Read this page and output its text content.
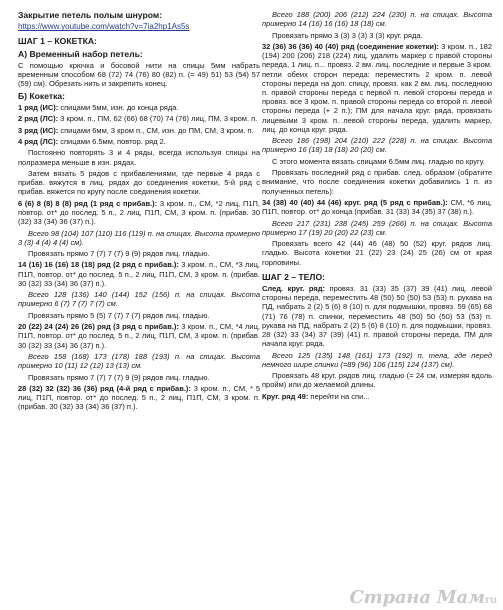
Закрытие петель полым шнуром:

https://www.youtube.com/watch?v=7ia2hp1As5s

ШАГ 1 – КОКЕТКА:

А) Временный набор петель:

С помощью крючка и босовой нити на спицы 5мм набрать временным способом 68 (72) 74 (76) 80 (82) п. (= 49) 51) 53 (54) 57 (59) см). Обрезать нить и закрепить конец.

Б) Кокетка:

1 ряд (ИС): спицами 5мм, изн. до конца ряда.

2 ряд (ЛС): 3 кром. п., ПМ, 62 (66) 68 (70) 74 (76) лиц, ПМ, 3 кром. п.

3 ряд (ИС): спицами 6мм, 3 кром п., СМ, изн. до ПМ, СМ, 3 кром. п.

4 ряд (ЛС): спицами 6.5мм, повтор. ряд 2.

Постоянно повторять 3 и 4 ряды, всегда используя спицы на полразмера меньше в изн. рядах.

Затем вязать 5 рядов с прибавлениями, где первые 4 ряда с прибав. вяжутся в лиц. рядах до соединения кокетки, 5-й ряд с прибав. вяжется по кругу после соединения кокетки.

6 (6) 8 (8) 8 (8) ряд (1 ряд с прибав.): 3 кром. п., СМ, *2 лиц, П1П, повтор. от* до послед. 5 п., 2 лиц, П1П, СМ, 3 кром. п. (прибав. 30 (32) 33 (34) 36 (37) п.).

Всего 98 (104) 107 (110) 116 (119) п. на спицах. Высота примерно 3 (3) 4 (4) 4 (4) см).

Провязать прямо 7 (7) 7 (7) 9 (9) рядов лиц. гладью.

14 (16) 16 (16) 18 (18) ряд (2 ряд с прибав.): 3 кром. п., СМ, *3 лиц, П1П, повтор. от* до послед. 5 п., 2 лиц, П1П, СМ, 3 кром. п. (прибав. 30 (32) 33 (34) 36 (37) п.).

Всего 128 (136) 140 (144) 152 (156) п. на спицах. Высота примерно 6 (7) 7 (7) 7 (7) см.

Провязать прямо 5 (5) 7 (7) 7 (7) рядов лиц. гладью.

20 (22) 24 (24) 26 (26) ряд (3 ряд с прибав.): 3 кром. п., СМ, *4 лиц, П1П, повтор. от* до послед. 5 п., 2 лиц, П1П, СМ, 3 кром. п. (прибав. 30 (32) 33 (34) 36 (37) п.).

Всего 158 (168) 173 (178) 188 (193) п. на спицах. Высота примерно 10 (11) 12 (12) 13 (13) см.

Провязать прямо 7 (7) 7 (7) 9 (9) рядов лиц. гладью.

28 (32) 32 (32) 36 (36) ряд (4-й ряд с прибав.): 3 кром. п., СМ, * 5 лиц, П1П, повтор. от* до послед. 5 п., 2 лиц, П1П, СМ, 3 кром. п. (прибав. 30 (32) 33 (34) 36 (37) п.).

Всего 188 (200) 206 (212) 224 (230) п. на спицах. Высота примерно 14 (16) 16 (16) 18 (18) см.

Провязать прямо 3 (3) 3 (3) 3 (3) круг. ряда.

32 (36) 36 (36) 40 (40) ряд (соединение кокетки): 3 кром. п., 182 (194) 200 (206) 218 (224) лиц, удалить маркер с правой стороны переда, 1 лиц. п... провяз. 2 вм. лиц. последние и первые 3 кром. петли обеих сторон переда: переместить 2 кром. п. левой стороны переда на доп. спицу, провяз. как 2 вм. лиц. последнюю п. правой стороны переда с первой п. левой стороны переда и провяз. все 3 кром. п. правой стороны переда со второй п. левой стороны переда (+ 2 п.); ПМ для начала круг. ряда, провязать лицевыми 3 кром. п. левой стороны переда, удалить маркер, лиц. до конца круг. ряда.

Всего 186 (198) 204 (210) 222 (228) п. на спицах. Высота примерно 16 (18) 18 (18) 20 (20) см.

С этого момента вязать спицами 6.5мм лиц. гладью по кругу.

Провязать последний ряд с прибав. след. образом (обратите внимание, что после соединения кокетки добавились 1 п. из полученных петель):

34 (38) 40 (40) 44 (46) круг. ряд (5 ряд с прибав.): СМ, *6 лиц, П1П, повтор. от* до конца (прибав. 31 (33) 34 (35) 37 (38) п.).

Всего 217 (231) 238 (245) 259 (266) п. на спицах. Высота примерно 17 (19) 20 (20) 22 (23) см.

Провязать всего 42 (44) 46 (48) 50 (52) круг. рядов лиц. гладью. Высота кокетки 21 (22) 23 (24) 25 (26) см от края горловины.

ШАГ 2 – ТЕЛО:

След. круг. ряд: провяз. 31 (33) 35 (37) 39 (41) лиц. левой стороны переда, переместить 48 (50) 50 (50) 53 (53) п. рукава на ПД, набрать 2 (2) 5 (6) 8 (10) п. для подмышки, провяз. 59 (65) 68 (71) 76 (78) п. спинки, переместить 48 (50) 50 (50) 53 (53) п. рукава на ПД, набрать 2 (2) 5 (6) 8 (10) п. для подмышки, провяз. 28 (32) 33 (34) 37 (39) (41) п. правой стороны переда, ПМ для начала круг. ряда.

Всего 125 (135) 148 (161) 173 (192) п. тела, где перед немного шире спинки (=89 (96) 106 (115) 124 (137) см).

Провязать 48 круг. рядов лиц. гладью (= 24 см, измеряя вдоль пройм) или до желаемой длины.

Круг. ряд 49: перейти на спи...

Страна Мамru
